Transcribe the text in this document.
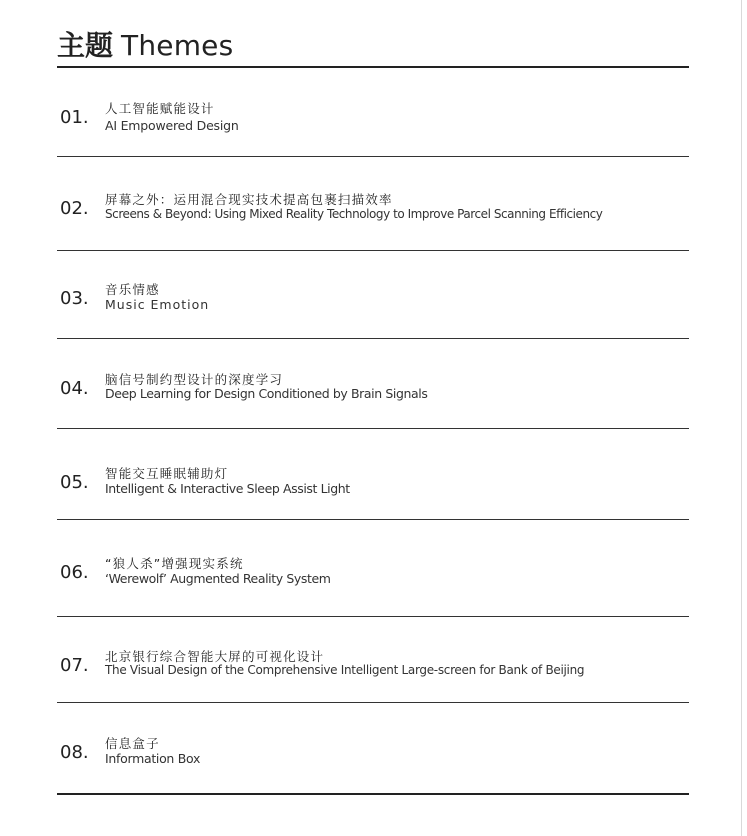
主题 Themes
01. 人工智能赋能设计
AI Empowered Design
02. 屏幕之外：运用混合现实技术提高包裹扫描效率
Screens & Beyond: Using Mixed Reality Technology to Improve Parcel Scanning Efficiency
03. 音乐情感
Music Emotion
04. 脑信号制约型设计的深度学习
Deep Learning for Design Conditioned by Brain Signals
05. 智能交互睡眠辅助灯
Intelligent & Interactive Sleep Assist Light
06. “狼人杀”增强现实系统
‘Werewolf’ Augmented Reality System
07. 北京银行综合智能大屏的可视化设计
The Visual Design of the Comprehensive Intelligent Large-screen for Bank of Beijing
08. 信息盒子
Information Box
